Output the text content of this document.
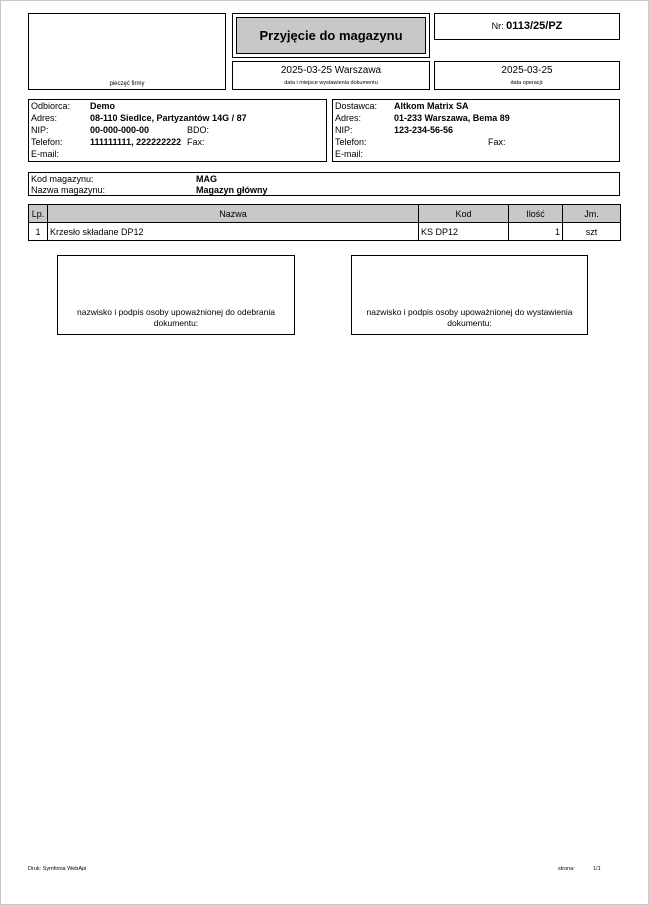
pieczęć firmy
Przyjęcie do magazynu
Nr: 0113/25/PZ
2025-03-25 Warszawa
data i miejsce wystawienia dokumentu
2025-03-25
data operacji:
Odbiorca: Demo
Adres:	08-110 Siedlce, Partyzantów 14G / 87
NIP:	00-000-000-00	BDO:
Telefon:	111111111, 222222222 Fax:
E-mail:
Dostawca: Altkom Matrix SA
Adres:	01-233 Warszawa, Bema 89
NIP:	123-234-56-56
Telefon:	Fax:
E-mail:
Kod magazynu:	MAG
Nazwa magazynu:	Magazyn główny
Lp.	Nazwa	Kod	Ilość	Jm.
1	Krzesło składane DP12	KS DP12	1	szt
nazwisko i podpis osoby upoważnionej do odebrania dokumentu:
nazwisko i podpis osoby upoważnionej do wystawienia dokumentu:
Druk: Symfonia WebApi	strona:	1/1
